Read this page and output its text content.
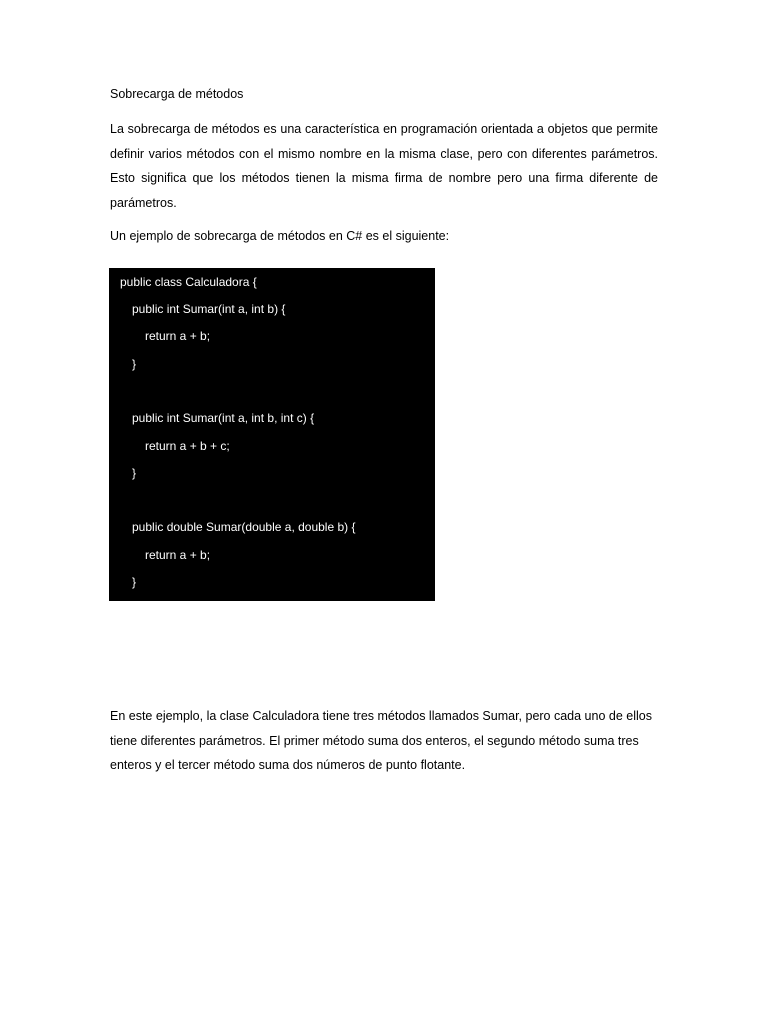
Sobrecarga de métodos
La sobrecarga de métodos es una característica en programación orientada a objetos que permite definir varios métodos con el mismo nombre en la misma clase, pero con diferentes parámetros. Esto significa que los métodos tienen la misma firma de nombre pero una firma diferente de parámetros.
Un ejemplo de sobrecarga de métodos en C# es el siguiente:
public class Calculadora {
public int Sumar(int a, int b) {
return a + b;
}
public int Sumar(int a, int b, int c) {
return a + b + c;
}
public double Sumar(double a, double b) {
return a + b;
}
En este ejemplo, la clase Calculadora tiene tres métodos llamados Sumar, pero cada uno de ellos tiene diferentes parámetros. El primer método suma dos enteros, el segundo método suma tres enteros y el tercer método suma dos números de punto flotante.
